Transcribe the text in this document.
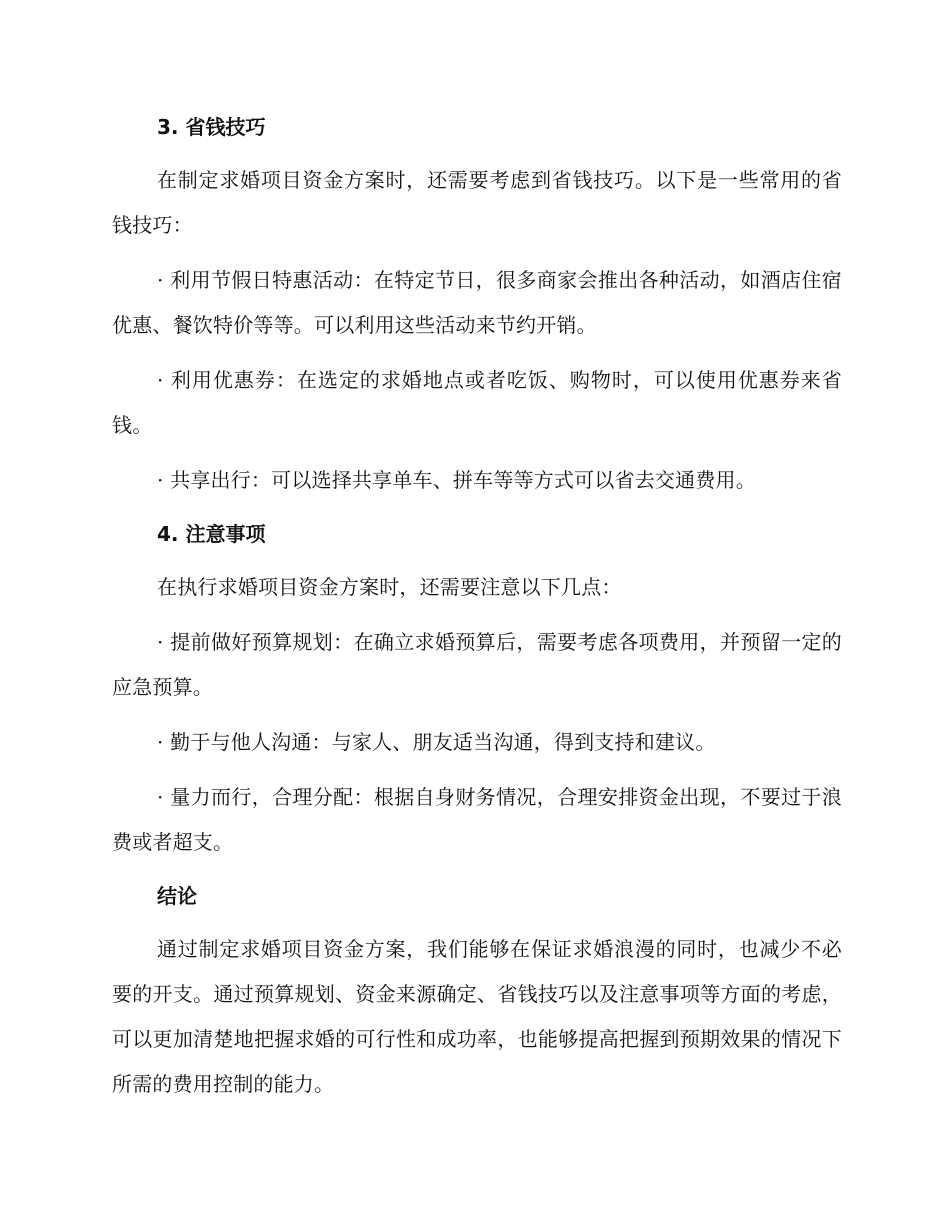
3. 省钱技巧

在制定求婚项目资金方案时，还需要考虑到省钱技巧。以下是一些常用的省钱技巧：

· 利用节假日特惠活动：在特定节日，很多商家会推出各种活动，如酒店住宿优惠、餐饮特价等等。可以利用这些活动来节约开销。

· 利用优惠券：在选定的求婚地点或者吃饭、购物时，可以使用优惠券来省钱。

· 共享出行：可以选择共享单车、拼车等等方式可以省去交通费用。

4. 注意事项

在执行求婚项目资金方案时，还需要注意以下几点：

· 提前做好预算规划：在确立求婚预算后，需要考虑各项费用，并预留一定的应急预算。

· 勤于与他人沟通：与家人、朋友适当沟通，得到支持和建议。

· 量力而行，合理分配：根据自身财务情况，合理安排资金出现，不要过于浪费或者超支。

结论

通过制定求婚项目资金方案，我们能够在保证求婚浪漫的同时，也减少不必要的开支。通过预算规划、资金来源确定、省钱技巧以及注意事项等方面的考虑，可以更加清楚地把握求婚的可行性和成功率，也能够提高把握到预期效果的情况下所需的费用控制的能力。
